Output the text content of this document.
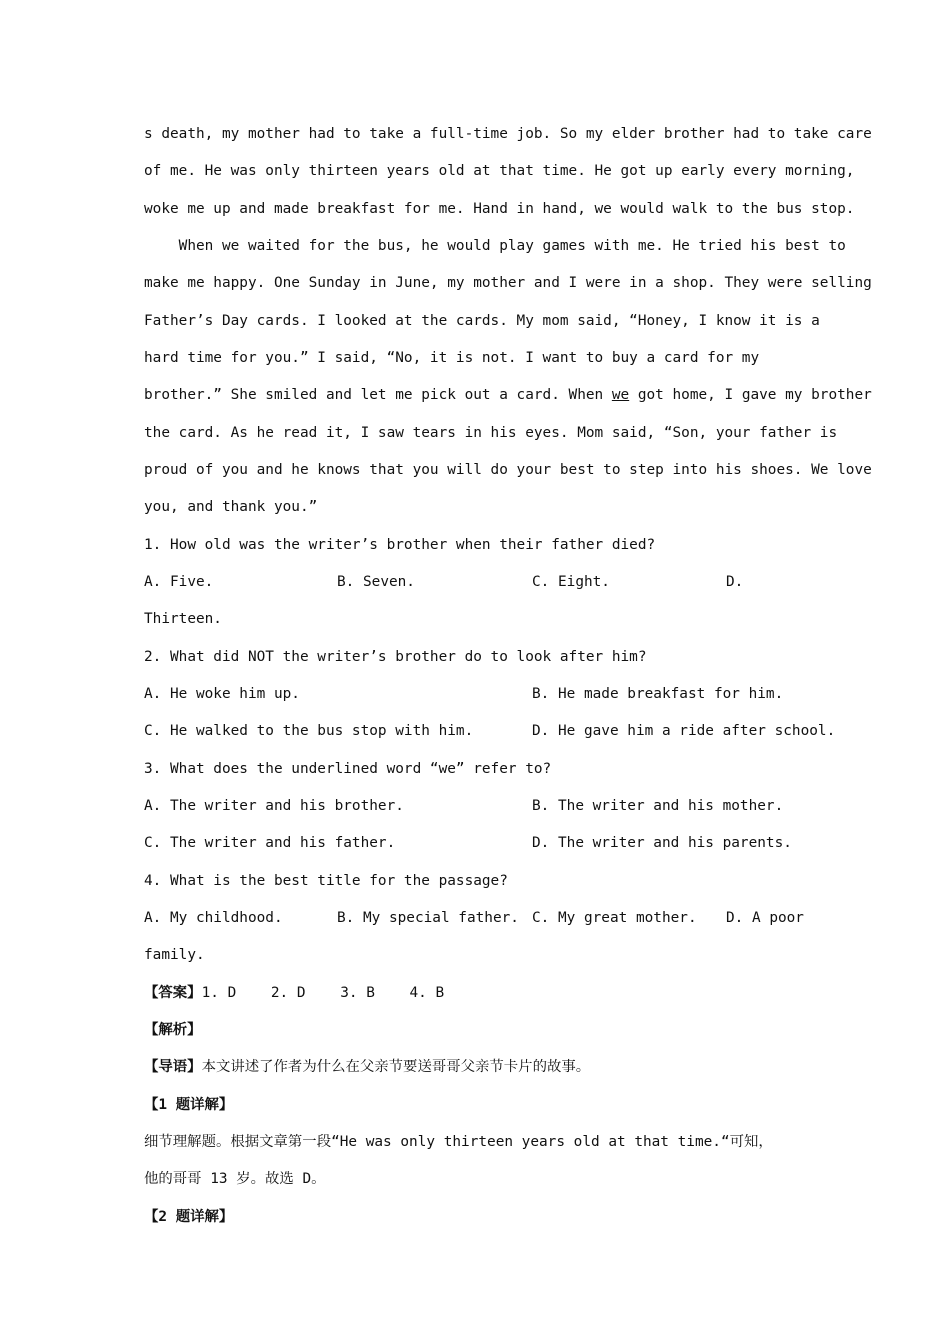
s death, my mother had to take a full-time job. So my elder brother had to take care
of me. He was only thirteen years old at that time. He got up early every morning,
woke me up and made breakfast for me. Hand in hand, we would walk to the bus stop.
When we waited for the bus, he would play games with me. He tried his best to
make me happy. One Sunday in June, my mother and I were in a shop. They were selling
Father’s Day cards. I looked at the cards. My mom said, “Honey, I know it is a
hard time for you.” I said, “No, it is not. I want to buy a card for my
brother.” She smiled and let me pick out a card. When we got home, I gave my brother
the card. As he read it, I saw tears in his eyes. Mom said, “Son, your father is
proud of you and he knows that you will do your best to step into his shoes. We love
you, and thank you.”
1. How old was the writer’s brother when their father died?
A. Five.	B. Seven.	C. Eight.	D.
Thirteen.
2. What did NOT the writer’s brother do to look after him?
A. He woke him up.	B. He made breakfast for him.
C. He walked to the bus stop with him.	D. He gave him a ride after school.
3. What does the underlined word “we” refer to?
A. The writer and his brother.	B. The writer and his mother.
C. The writer and his father.	D. The writer and his parents.
4. What is the best title for the passage?
A. My childhood.	B. My special father. C. My great mother. D. A poor
family.
【答案】1. D    2. D    3. B    4. B
【解析】
【导语】本文讲述了作者为什么在父亲节要送哥哥父亲节卡片的故事。
【1 题详解】
细节理解题。根据文章第一段“He was only thirteen years old at that time.“可知，
他的哥哥 13 岁。故选 D。
【2 题详解】
